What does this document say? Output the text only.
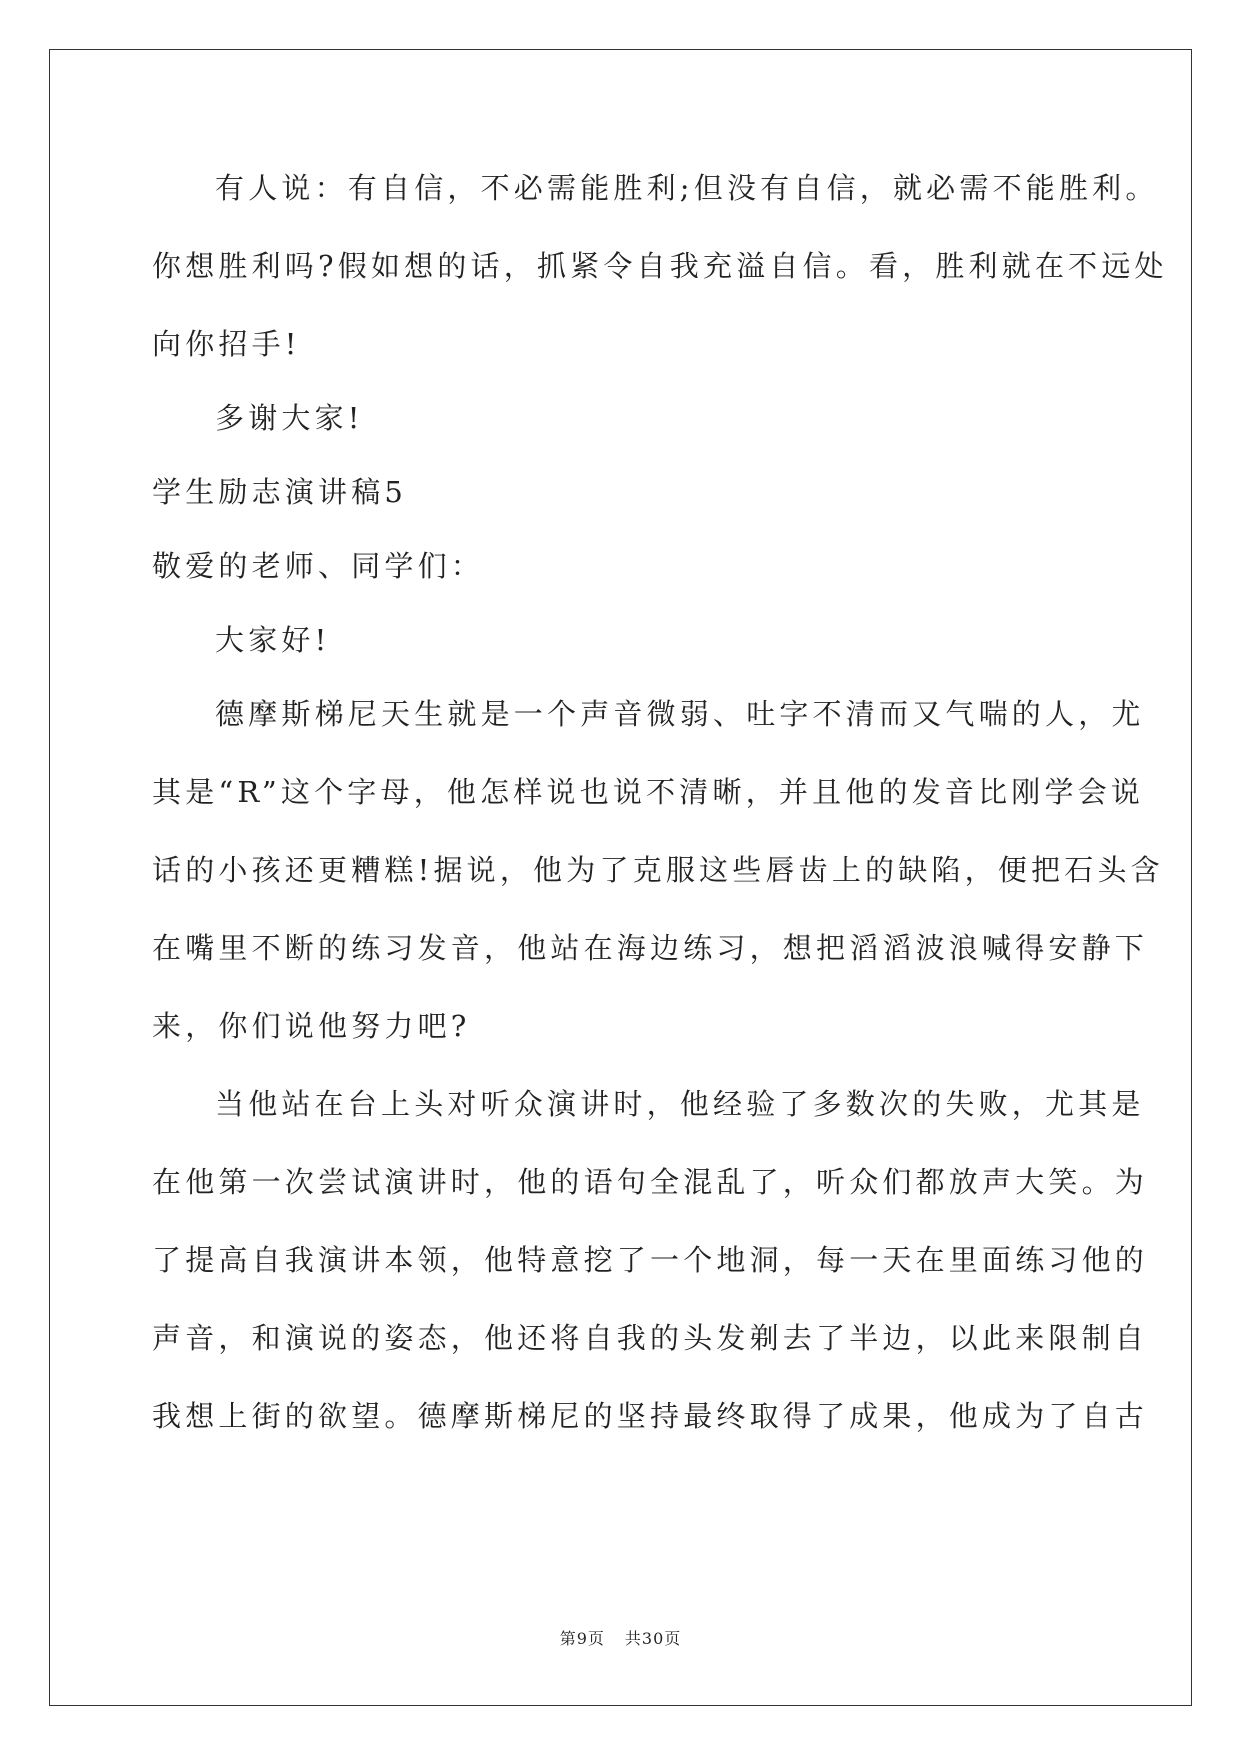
有人说：有自信，不必需能胜利;但没有自信，就必需不能胜利。
你想胜利吗?假如想的话，抓紧令自我充溢自信。看，胜利就在不远处
向你招手!
多谢大家!
学生励志演讲稿5
敬爱的老师、同学们：
大家好!
德摩斯梯尼天生就是一个声音微弱、吐字不清而又气喘的人，尤
其是“R”这个字母，他怎样说也说不清晰，并且他的发音比刚学会说
话的小孩还更糟糕!据说，他为了克服这些唇齿上的缺陷，便把石头含
在嘴里不断的练习发音，他站在海边练习，想把滔滔波浪喊得安静下
来，你们说他努力吧?
当他站在台上头对听众演讲时，他经验了多数次的失败，尤其是
在他第一次尝试演讲时，他的语句全混乱了，听众们都放声大笑。为
了提高自我演讲本领，他特意挖了一个地洞，每一天在里面练习他的
声音，和演说的姿态，他还将自我的头发剃去了半边，以此来限制自
我想上街的欲望。德摩斯梯尼的坚持最终取得了成果，他成为了自古
第9页 共30页
